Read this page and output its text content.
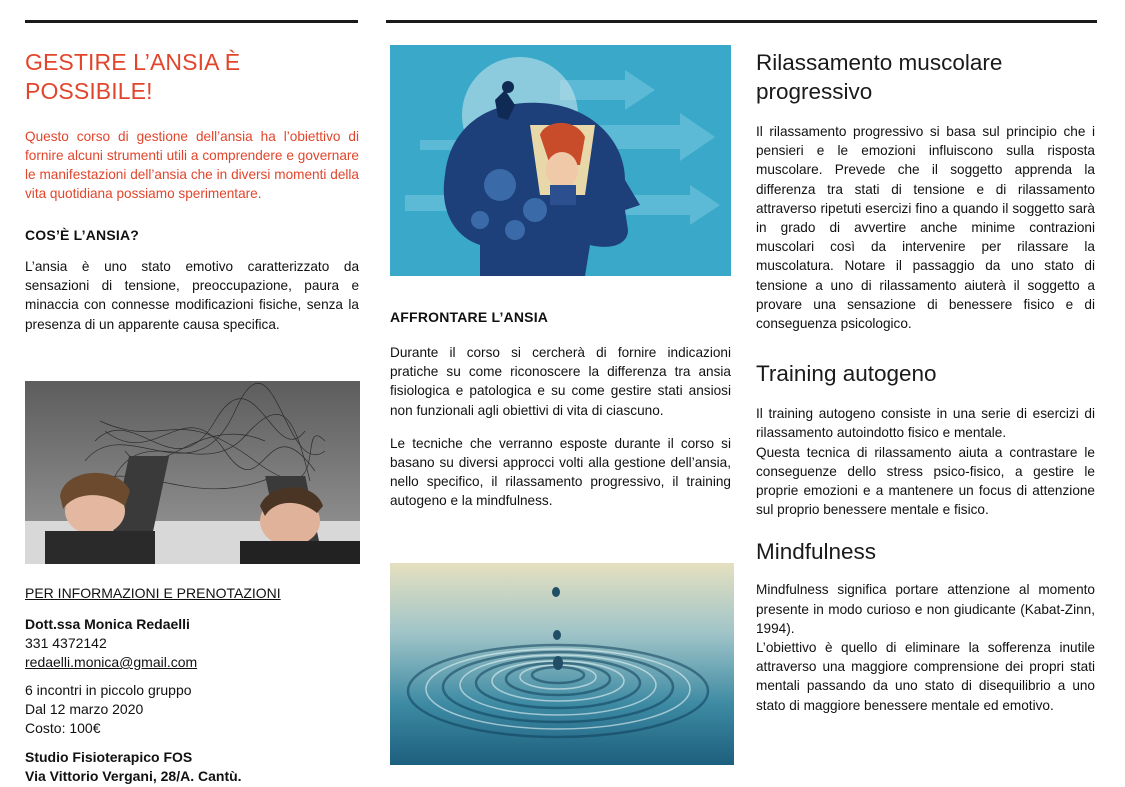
GESTIRE L’ANSIA È POSSIBILE!

Questo corso di gestione dell’ansia ha l’obiettivo di fornire alcuni strumenti utili a comprendere e governare le manifestazioni dell’ansia che in diversi momenti della vita quotidiana possiamo sperimentare.

COS’È L’ANSIA?

L’ansia è uno stato emotivo caratterizzato da sensazioni di tensione, preoccupazione, paura e minaccia con connesse modificazioni fisiche, senza la presenza di un apparente causa specifica.

PER INFORMAZIONI E PRENOTAZIONI
Dott.ssa Monica Redaelli
331 4372142
redaelli.monica@gmail.com
6 incontri in piccolo gruppo
Dal 12 marzo 2020
Costo: 100€
Studio Fisioterapico FOS
Via Vittorio Vergani, 28/A. Cantù.
AFFRONTARE L’ANSIA

Durante il corso si cercherà di fornire indicazioni pratiche su come riconoscere la differenza tra ansia fisiologica e patologica e su come gestire stati ansiosi non funzionali agli obiettivi di vita di ciascuno.

Le tecniche che verranno esposte durante il corso si basano su diversi approcci volti alla gestione dell’ansia, nello specifico, il rilassamento progressivo, il training autogeno e la mindfulness.

Rilassamento muscolare progressivo

Il rilassamento progressivo si basa sul principio che i pensieri e le emozioni influiscono sulla risposta muscolare. Prevede che il soggetto apprenda la differenza tra stati di tensione e di rilassamento attraverso ripetuti esercizi fino a quando il soggetto sarà in grado di avvertire anche minime contrazioni muscolari così da intervenire per rilassare la muscolatura. Notare il passaggio da uno stato di tensione a uno di rilassamento aiuterà il soggetto a provare una sensazione di benessere fisico e di conseguenza psicologico.

Training autogeno

Il training autogeno consiste in una serie di esercizi di rilassamento autoindotto fisico e mentale.

Questa tecnica di rilassamento aiuta a contrastare le conseguenze dello stress psico-fisico, a gestire le proprie emozioni e a mantenere un focus di attenzione sul proprio benessere mentale e fisico.

Mindfulness

Mindfulness significa portare attenzione al momento presente in modo curioso e non giudicante (Kabat-Zinn, 1994).

L’obiettivo è quello di eliminare la sofferenza inutile attraverso una maggiore comprensione dei propri stati mentali passando da uno stato di disequilibrio a uno stato di maggiore benessere mentale ed emotivo.
